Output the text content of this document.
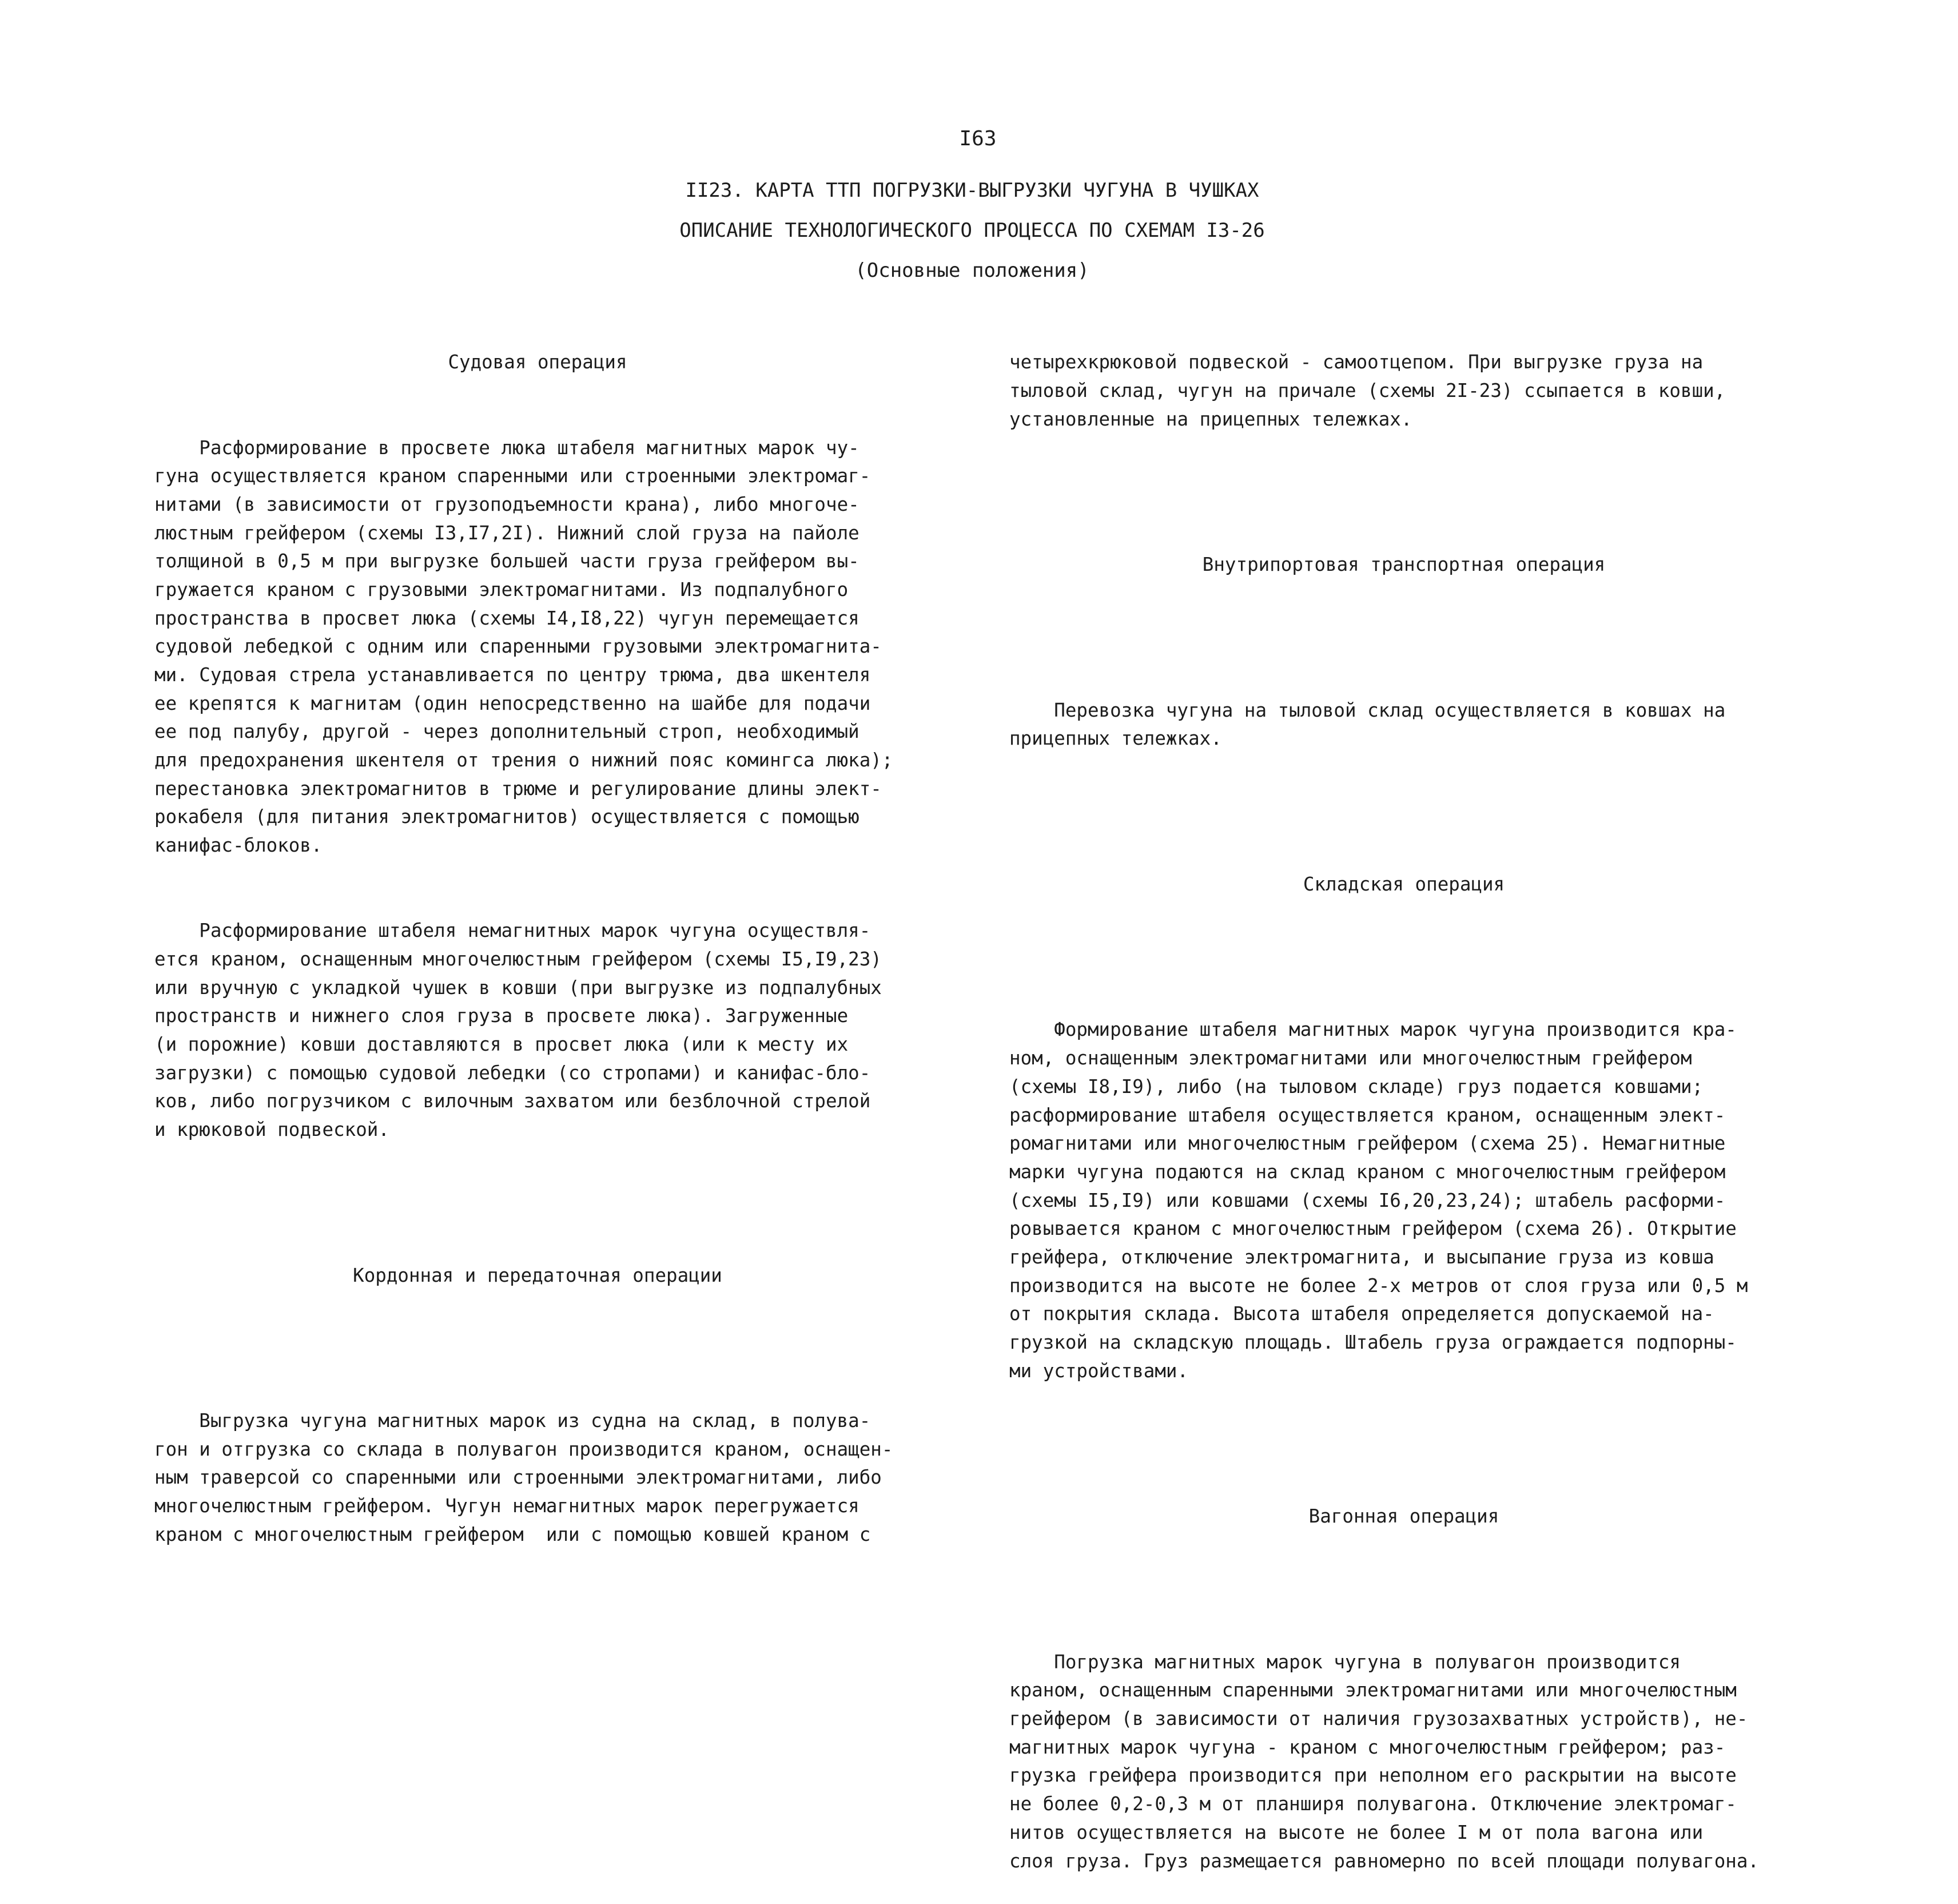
I63
II23. КАРТА ТТП ПОГРУЗКИ-ВЫГРУЗКИ ЧУГУНА В ЧУШКАХ
ОПИСАНИЕ ТЕХНОЛОГИЧЕСКОГО ПРОЦЕССА ПО СХЕМАМ I3-26
(Основные положения)

Судовая операция

Расформирование в просвете люка штабеля магнитных марок чу-
гуна осуществляется краном спаренными или строенными электромаг-
нитами (в зависимости от грузоподъемности крана), либо многоче-
люстным грейфером (схемы I3,I7,2I). Нижний слой груза на пайоле
толщиной в 0,5 м при выгрузке большей части груза грейфером вы-
гружается краном с грузовыми электромагнитами. Из подпалубного
пространства в просвет люка (схемы I4,I8,22) чугун перемещается
судовой лебедкой с одним или спаренными грузовыми электромагнита-
ми. Судовая стрела устанавливается по центру трюма, два шкентеля
ее крепятся к магнитам (один непосредственно на шайбе для подачи
ее под палубу, другой - через дополнительный строп, необходимый
для предохранения шкентеля от трения о нижний пояс комингса люка);
перестановка электромагнитов в трюме и регулирование длины элект-
рокабеля (для питания электромагнитов) осуществляется с помощью
канифас-блоков.

Расформирование штабеля немагнитных марок чугуна осуществля-
ется краном, оснащенным многочелюстным грейфером (схемы I5,I9,23)
или вручную с укладкой чушек в ковши (при выгрузке из подпалубных
пространств и нижнего слоя груза в просвете люка). Загруженные
(и порожние) ковши доставляются в просвет люка (или к месту их
загрузки) с помощью судовой лебедки (со стропами) и канифас-бло-
ков, либо погрузчиком с вилочным захватом или безблочной стрелой
и крюковой подвеской.

Кордонная и передаточная операции

Выгрузка чугуна магнитных марок из судна на склад, в полува-
гон и отгрузка со склада в полувагон производится краном, оснащен-
ным траверсой со спаренными или строенными электромагнитами, либо
многочелюстным грейфером. Чугун немагнитных марок перегружается
краном с многочелюстным грейфером  или с помощью ковшей краном с

четырехкрюковой подвеской - самоотцепом. При выгрузке груза на
тыловой склад, чугун на причале (схемы 2I-23) ссыпается в ковши,
установленные на прицепных тележках.

Внутрипортовая транспортная операция

Перевозка чугуна на тыловой склад осуществляется в ковшах на
прицепных тележках.

Складская операция

Формирование штабеля магнитных марок чугуна производится кра-
ном, оснащенным электромагнитами или многочелюстным грейфером
(схемы I8,I9), либо (на тыловом складе) груз подается ковшами;
расформирование штабеля осуществляется краном, оснащенным элект-
ромагнитами или многочелюстным грейфером (схема 25). Немагнитные
марки чугуна подаются на склад краном с многочелюстным грейфером
(схемы I5,I9) или ковшами (схемы I6,20,23,24); штабель расформи-
ровывается краном с многочелюстным грейфером (схема 26). Открытие
грейфера, отключение электромагнита, и высыпание груза из ковша
производится на высоте не более 2-х метров от слоя груза или 0,5 м
от покрытия склада. Высота штабеля определяется допускаемой на-
грузкой на складскую площадь. Штабель груза ограждается подпорны-
ми устройствами.

Вагонная операция

Погрузка магнитных марок чугуна в полувагон производится
краном, оснащенным спаренными электромагнитами или многочелюстным
грейфером (в зависимости от наличия грузозахватных устройств), не-
магнитных марок чугуна - краном с многочелюстным грейфером; раз-
грузка грейфера производится при неполном его раскрытии на высоте
не более 0,2-0,3 м от планширя полувагона. Отключение электромаг-
нитов осуществляется на высоте не более I м от пола вагона или
слоя груза. Груз размещается равномерно по всей площади полувагона.
